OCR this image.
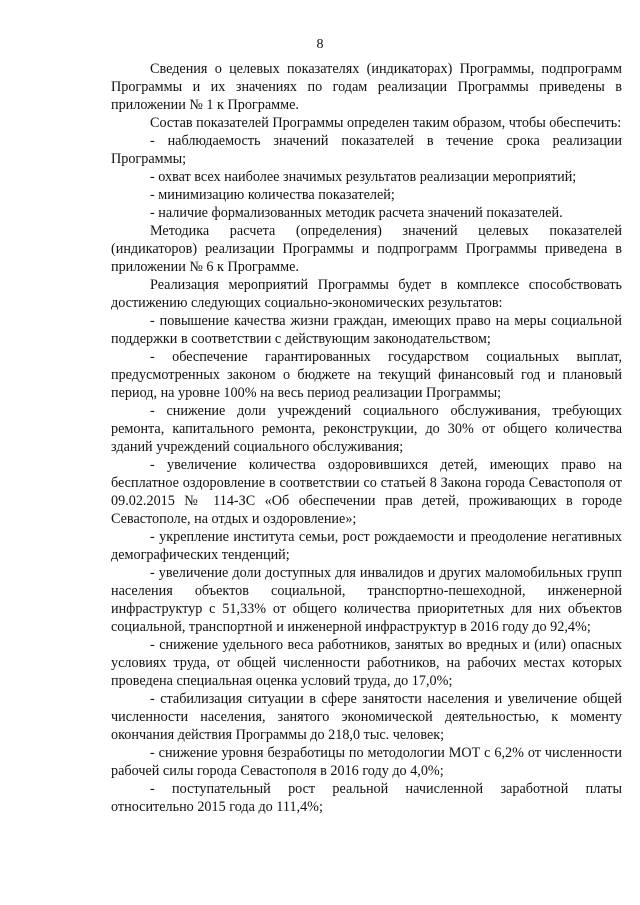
8

Сведения о целевых показателях (индикаторах) Программы, подпрограмм Программы и их значениях по годам реализации Программы приведены в приложении № 1 к Программе.

Состав показателей Программы определен таким образом, чтобы обеспечить:

- наблюдаемость значений показателей в течение срока реализации Программы;

- охват всех наиболее значимых результатов реализации мероприятий;

- минимизацию количества показателей;

- наличие формализованных методик расчета значений показателей.

Методика расчета (определения) значений целевых показателей (индикаторов) реализации Программы и подпрограмм Программы приведена в приложении № 6 к Программе.

Реализация мероприятий Программы будет в комплексе способствовать достижению следующих социально-экономических результатов:

- повышение качества жизни граждан, имеющих право на меры социальной поддержки в соответствии с действующим законодательством;

- обеспечение гарантированных государством социальных выплат, предусмотренных законом о бюджете на текущий финансовый год и плановый период, на уровне 100% на весь период реализации Программы;

- снижение доли учреждений социального обслуживания, требующих ремонта, капитального ремонта, реконструкции, до 30% от общего количества зданий учреждений социального обслуживания;

- увеличение количества оздоровившихся детей, имеющих право на бесплатное оздоровление в соответствии со статьей 8 Закона города Севастополя от 09.02.2015 № 114-ЗС «Об обеспечении прав детей, проживающих в городе Севастополе, на отдых и оздоровление»;

- укрепление института семьи, рост рождаемости и преодоление негативных демографических тенденций;

- увеличение доли доступных для инвалидов и других маломобильных групп населения объектов социальной, транспортно-пешеходной, инженерной инфраструктур с 51,33% от общего количества приоритетных для них объектов социальной, транспортной и инженерной инфраструктур в 2016 году до 92,4%;

- снижение удельного веса работников, занятых во вредных и (или) опасных условиях труда, от общей численности работников, на рабочих местах которых проведена специальная оценка условий труда, до 17,0%;

- стабилизация ситуации в сфере занятости населения и увеличение общей численности населения, занятого экономической деятельностью, к моменту окончания действия Программы до 218,0 тыс. человек;

- снижение уровня безработицы по методологии МОТ с 6,2% от численности рабочей силы города Севастополя в 2016 году до 4,0%;

- поступательный рост реальной начисленной заработной платы относительно 2015 года до 111,4%;
